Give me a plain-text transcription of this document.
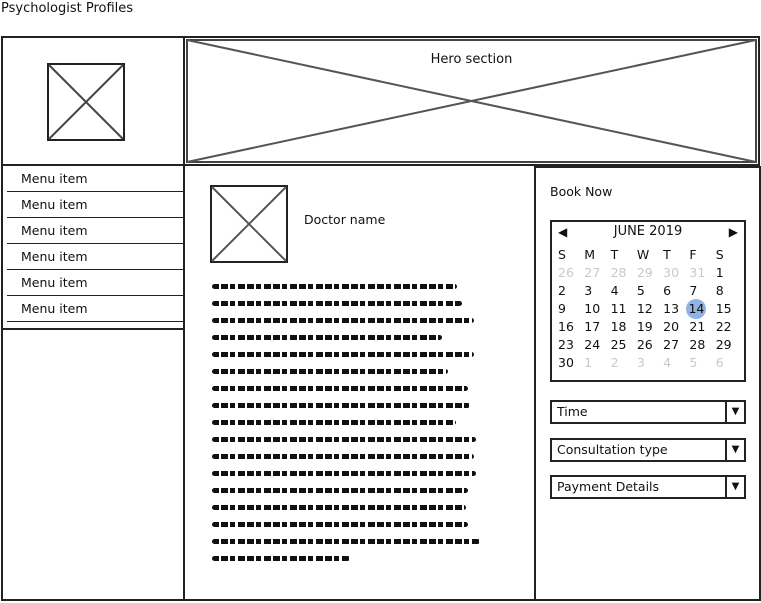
Psychologist Profiles
Hero section
Menu item
Menu item
Menu item
Menu item
Menu item
Menu item
Doctor name
Book Now
◀	JUNE 2019	▶
S	M	T	W	T	F	S
26 27 28 29 30 31 1
2	3	4	5	6	7	8
9	10 11 12 13 14 15
16 17 18 19 20 21 22
23 24 25 26 27 28 29
30 1	2	3	4	5	6
Time	▼
Consultation type	▼
Payment Details	▼
